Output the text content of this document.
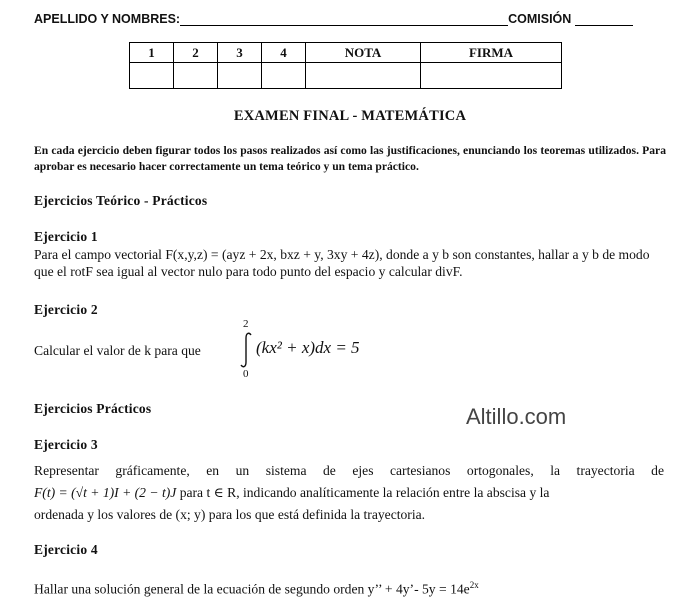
APELLIDO Y NOMBRES:	COMISIÓN
1	2	3	4	NOTA	FIRMA

EXAMEN FINAL - MATEMÁTICA
En cada ejercicio deben figurar todos los pasos realizados así como las justificaciones, enunciando los teoremas utilizados. Para aprobar es necesario hacer correctamente un tema teórico y un tema práctico.
Ejercicios Teórico - Prácticos
Ejercicio 1
Para el campo vectorial F(x,y,z) = (ayz + 2x, bxz + y, 3xy + 4z), donde a y b son constantes, hallar a y b de modo que el rotF sea igual al vector nulo para todo punto del espacio y calcular divF.
Ejercicio 2
Calcular el valor de k para que
2
(kx² + x)dx = 5
0
Ejercicios Prácticos	Altillo.com
Ejercicio 3
Representar gráficamente, en un sistema de ejes cartesianos ortogonales, la trayectoria de
F(t) = (√t + 1)I + (2 − t)J para t ∈ R, indicando analíticamente la relación entre la abscisa y la
ordenada y los valores de (x; y) para los que está definida la trayectoria.
Ejercicio 4
Hallar una solución general de la ecuación de segundo orden y’’ + 4y’- $5y = 14e^{2x}$
